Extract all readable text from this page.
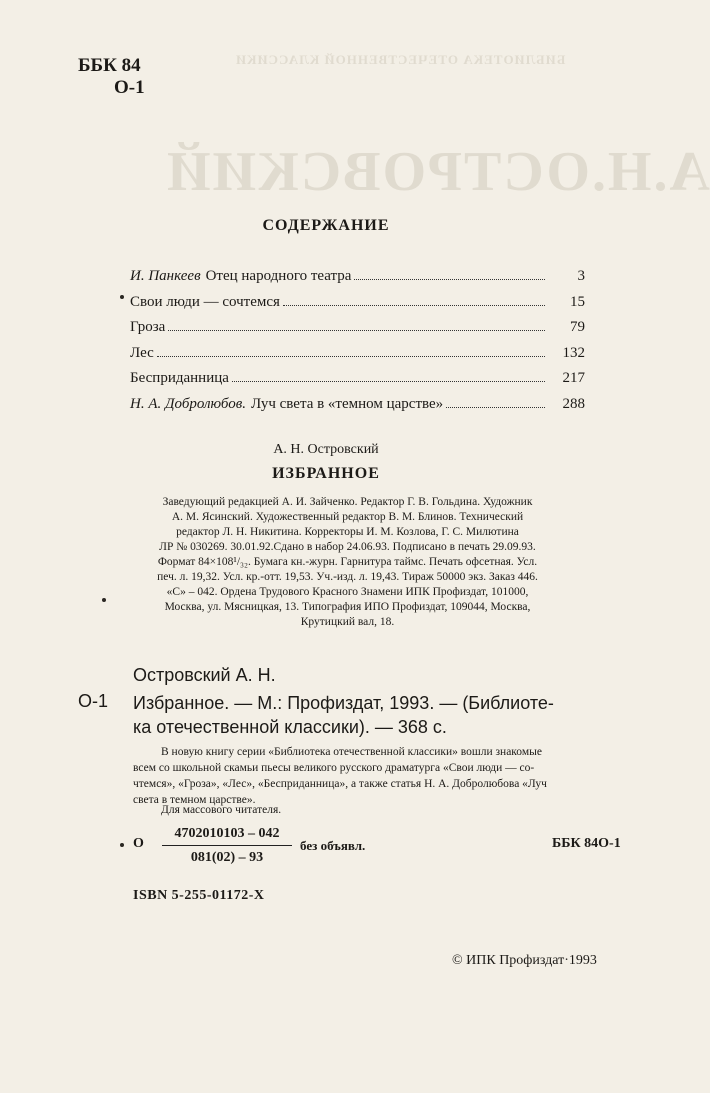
БИБЛИОТЕКА ОТЕЧЕСТВЕННОЙ КЛАССИКИ
А.Н.ОСТРОВСКИЙ
ББК 84
О-1
СОДЕРЖАНИЕ
И. Панкеев Отец народного театра	3
Свои люди — сочтемся	15
Гроза	79
Лес	132
Бесприданница	217
Н. А. Добролюбов. Луч света в «темном царстве»	288
А. Н. Островский
ИЗБРАННОЕ
Заведующий редакцией А. И. Зайченко. Редактор Г. В. Гольдина. Художник
А. М. Ясинский. Художественный редактор В. М. Блинов. Технический
редактор Л. Н. Никитина. Корректоры И. М. Козлова, Г. С. Милютина
ЛР № 030269. 30.01.92.Сдано в набор 24.06.93. Подписано в печать 29.09.93.
Формат 84×108¹/₃₂. Бумага кн.-журн. Гарнитура таймс. Печать офсетная. Усл.
печ. л. 19,32. Усл. кр.-отт. 19,53. Уч.-изд. л. 19,43. Тираж 50000 экз. Заказ 446.
«С» – 042. Ордена Трудового Красного Знамени ИПК Профиздат, 101000,
Москва, ул. Мясницкая, 13. Типография ИПО Профиздат, 109044, Москва,
Крутицкий вал, 18.
Островский А. Н.
О-1 Избранное. — М.: Профиздат, 1993. — (Библиоте-
ка отечественной классики). — 368 с.
В новую книгу серии «Библиотека отечественной классики» вошли знакомые
всем со школьной скамьи пьесы великого русского драматурга «Свои люди — со-
чтемся», «Гроза», «Лес», «Бесприданница», а также статья Н. А. Добролюбова «Луч
света в темном царстве».
Для массового читателя.
О $\frac{4702010103 - 042}{081(02) - 93}$ без объявл.	ББК 84О-1
ISBN 5-255-01172-X
© ИПК Профиздат·1993
